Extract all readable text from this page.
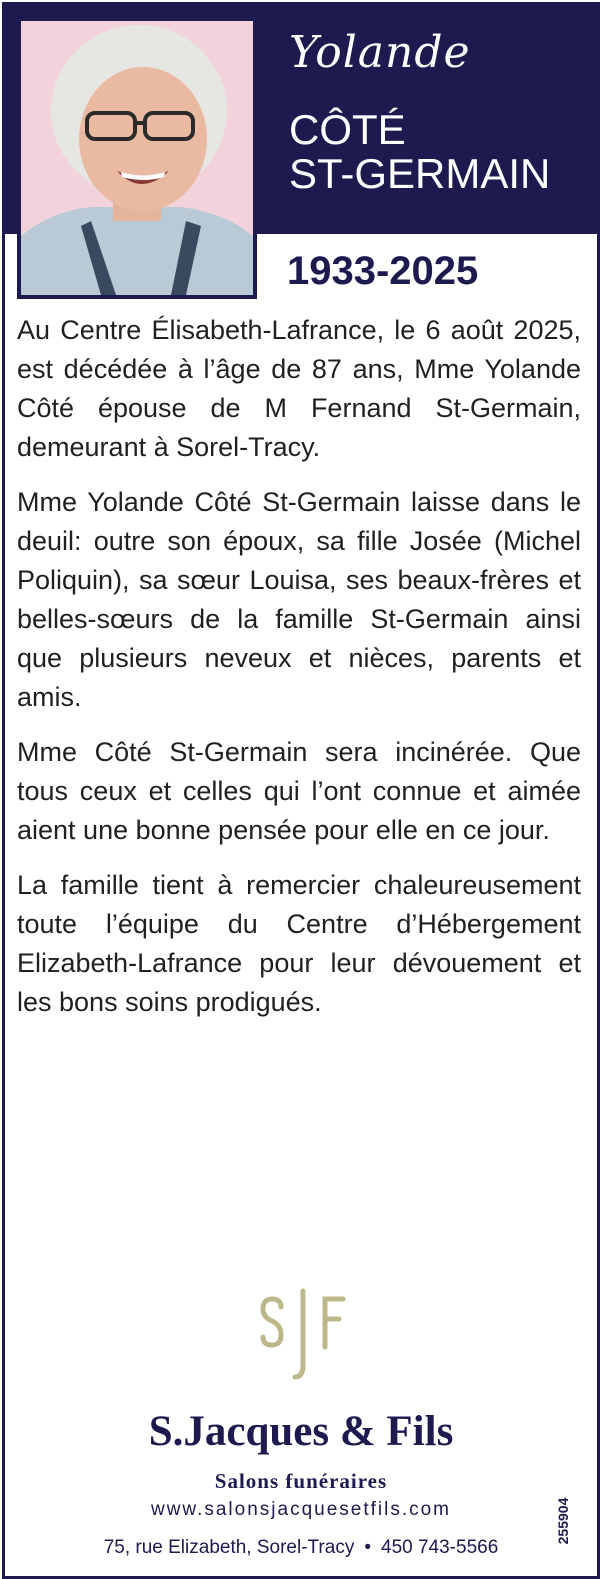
Yolande
CÔTÉ
ST-GERMAIN
1933-2025

Au Centre Élisabeth-Lafrance, le 6 août 2025, est décédée à l’âge de 87 ans, Mme Yolande Côté épouse de M Fernand St-Germain, demeurant à Sorel-Tracy.

Mme Yolande Côté St-Germain laisse dans le deuil: outre son époux, sa fille Josée (Michel Poliquin), sa sœur Louisa, ses beaux-frères et belles-sœurs de la famille St-Germain ainsi que plusieurs neveux et nièces, parents et amis.

Mme Côté St-Germain sera incinérée. Que tous ceux et celles qui l’ont connue et aimée aient une bonne pensée pour elle en ce jour.

La famille tient à remercier chaleureusement toute l’équipe du Centre d’Hébergement Elizabeth-Lafrance pour leur dévouement et les bons soins prodigués.

S.Jacques & Fils
Salons funéraires
www.salonsjacquesetfils.com
75, rue Elizabeth, Sorel-Tracy • 450 743-5566
255904
